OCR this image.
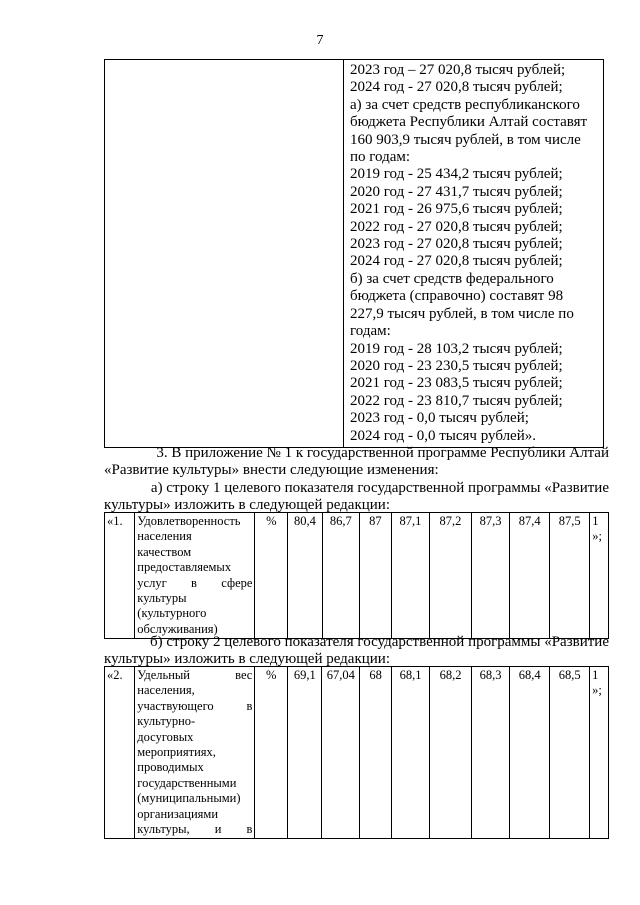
7

2023 год – 27 020,8 тысяч рублей;
2024 год - 27 020,8 тысяч рублей;
а) за счет средств республиканского
бюджета Республики Алтай составят
160 903,9 тысяч рублей, в том числе
по годам:
2019 год - 25 434,2 тысяч рублей;
2020 год - 27 431,7 тысяч рублей;
2021 год - 26 975,6 тысяч рублей;
2022 год - 27 020,8 тысяч рублей;
2023 год - 27 020,8 тысяч рублей;
2024 год - 27 020,8 тысяч рублей;
б) за счет средств федерального
бюджета (справочно) составят 98
227,9 тысяч рублей, в том числе по
годам:
2019 год - 28 103,2 тысяч рублей;
2020 год - 23 230,5 тысяч рублей;
2021 год - 23 083,5 тысяч рублей;
2022 год - 23 810,7 тысяч рублей;
2023 год - 0,0 тысяч рублей;
2024 год - 0,0 тысяч рублей».
3. В приложение № 1 к государственной программе Республики Алтай
«Развитие культуры» внести следующие изменения:
а) строку 1 целевого показателя государственной программы «Развитие
культуры» изложить в следующей редакции:
«1.	Удовлетворенность
населения
качеством
предоставляемых
услуг в сфере
культуры
(культурного
обслуживания)
	%	80,4	86,7	87	87,1	87,2	87,3	87,4	87,5	1
»;
б) строку 2 целевого показателя государственной программы «Развитие
культуры» изложить в следующей редакции:
«2.	Удельный вес
населения,
участвующего в
культурно-
досуговых
мероприятиях,
проводимых
государственными
(муниципальными)
организациями
культуры, и в
	%	69,1	67,04	68	68,1	68,2	68,3	68,4	68,5	1
»;
